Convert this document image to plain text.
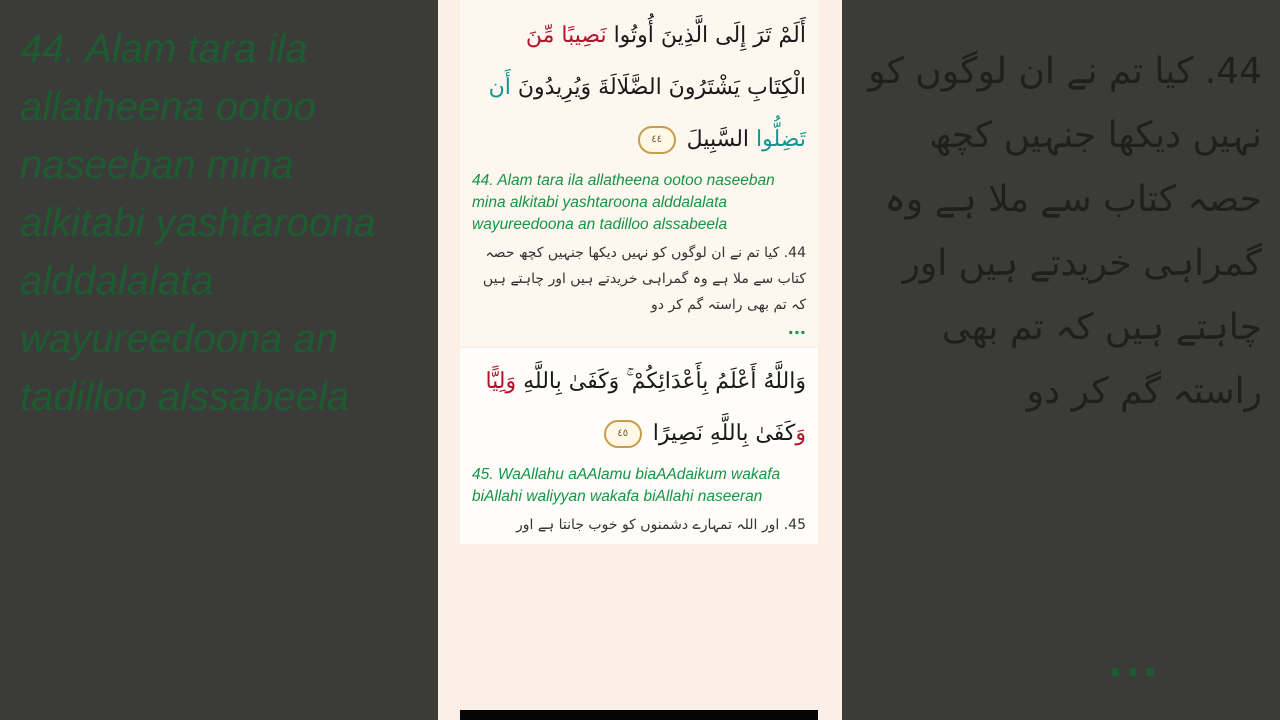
44. Alam tara ila allatheena ootoo naseeban mina alkitabi yashtaroona alddalalata wayureedoona an tadilloo alssabeela
44. کیا تم نے ان لوگوں کو نہیں دیکھا جنہیں کچھ حصہ کتاب سے ملا ہے وہ گمراہی خریدتے ہیں اور چاہتے ہیں کہ تم بھی راستہ گم کر دو
...
أَلَمْ تَرَ إِلَى الَّذِينَ أُوتُوا نَصِيبًا مِّنَ
الْكِتَابِ يَشْتَرُونَ الضَّلَالَةَ وَيُرِيدُونَ أَن
تَضِلُّوا السَّبِيلَ ٤٤
44. Alam tara ila allatheena ootoo naseeban mina alkitabi yashtaroona alddalalata wayureedoona an tadilloo alssabeela
44. کیا تم نے ان لوگوں کو نہیں دیکھا جنہیں کچھ حصہ کتاب سے ملا ہے وہ گمراہی خریدتے ہیں اور چاہتے ہیں کہ تم بھی راستہ گم کر دو
...
وَاللَّهُ أَعْلَمُ بِأَعْدَائِكُمْ ۚ وَكَفَىٰ بِاللَّهِ وَلِيًّا
وَكَفَىٰ بِاللَّهِ نَصِيرًا ٤٥
45. WaAllahu aAAlamu biaAAdaikum wakafa biAllahi waliyyan wakafa biAllahi naseeran
45. اور اللہ تمہارے دشمنوں کو خوب جانتا ہے اور
